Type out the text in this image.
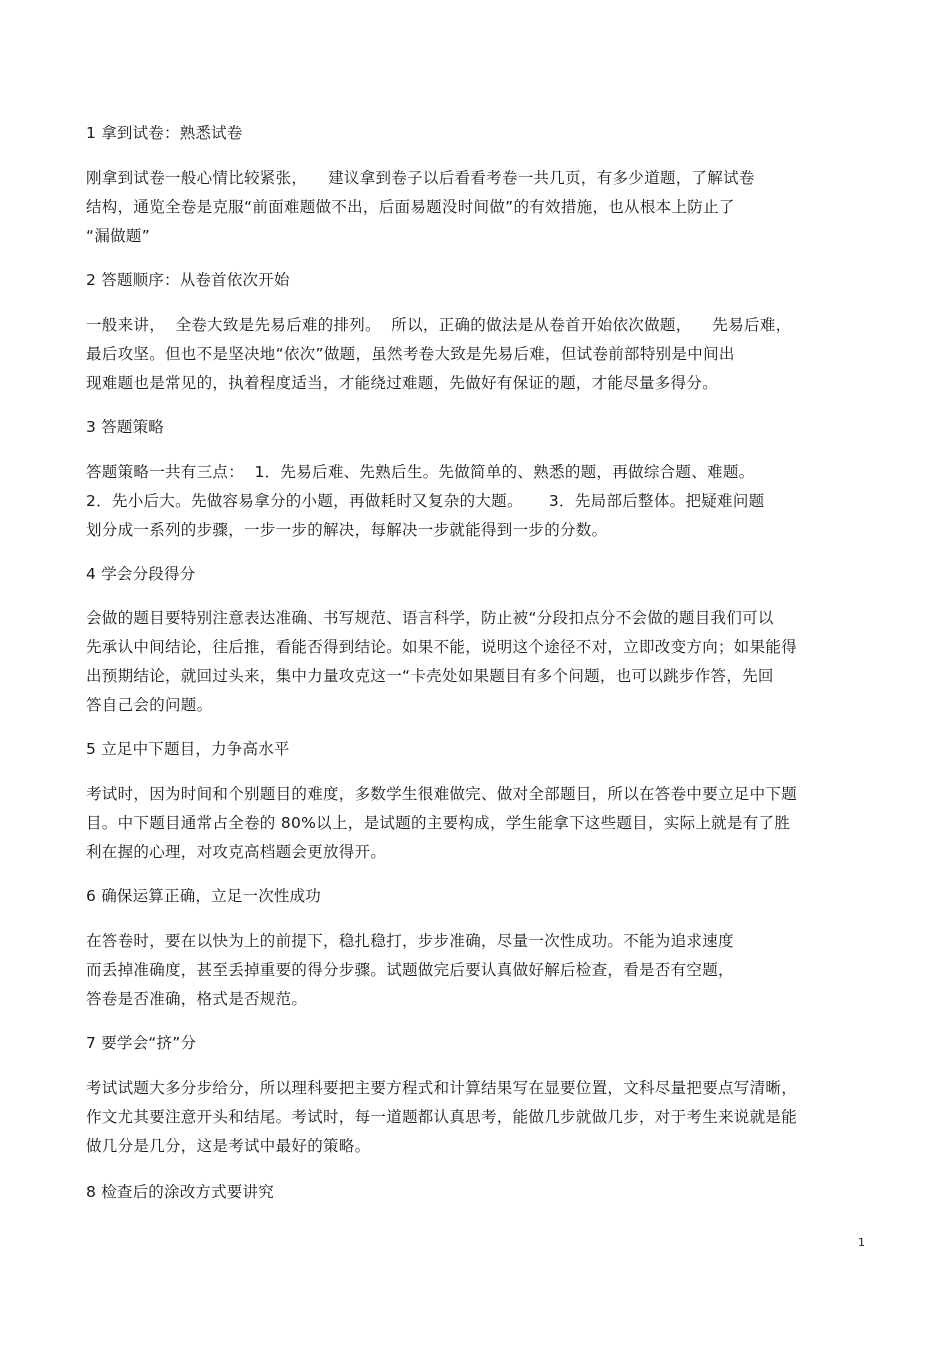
1 拿到试卷：熟悉试卷
刚拿到试卷一般心情比较紧张，    建议拿到卷子以后看看考卷一共几页，有多少道题，了解试卷
结构，通览全卷是克服“前面难题做不出，后面易题没时间做”的有效措施，也从根本上防止了
“漏做题”
2 答题顺序：从卷首依次开始
一般来讲，  全卷大致是先易后难的排列。  所以，正确的做法是从卷首开始依次做题，    先易后难，
最后攻坚。但也不是坚决地“依次”做题，虽然考卷大致是先易后难，但试卷前部特别是中间出
现难题也是常见的，执着程度适当，才能绕过难题，先做好有保证的题，才能尽量多得分。
3 答题策略
答题策略一共有三点：  1．先易后难、先熟后生。先做简单的、熟悉的题，再做综合题、难题。
2．先小后大。先做容易拿分的小题，再做耗时又复杂的大题。     3．先局部后整体。把疑难问题
划分成一系列的步骤，一步一步的解决，每解决一步就能得到一步的分数。
4 学会分段得分
会做的题目要特别注意表达准确、书写规范、语言科学，防止被“分段扣点分不会做的题目我们可以
先承认中间结论，往后推，看能否得到结论。如果不能，说明这个途径不对，立即改变方向；如果能得
出预期结论，就回过头来，集中力量攻克这一“卡壳处如果题目有多个问题，也可以跳步作答，先回
答自己会的问题。
5 立足中下题目，力争高水平
考试时，因为时间和个别题目的难度，多数学生很难做完、做对全部题目，所以在答卷中要立足中下题
目。中下题目通常占全卷的 80%以上，是试题的主要构成，学生能拿下这些题目，实际上就是有了胜
利在握的心理，对攻克高档题会更放得开。
6 确保运算正确，立足一次性成功
在答卷时，要在以快为上的前提下，稳扎稳打，步步准确，尽量一次性成功。不能为追求速度
而丢掉准确度，甚至丢掉重要的得分步骤。试题做完后要认真做好解后检查，看是否有空题，
答卷是否准确，格式是否规范。
7 要学会“挤”分
考试试题大多分步给分，所以理科要把主要方程式和计算结果写在显要位置，文科尽量把要点写清晰，
作文尤其要注意开头和结尾。考试时，每一道题都认真思考，能做几步就做几步，对于考生来说就是能
做几分是几分，这是考试中最好的策略。
8 检查后的涂改方式要讲究
1
